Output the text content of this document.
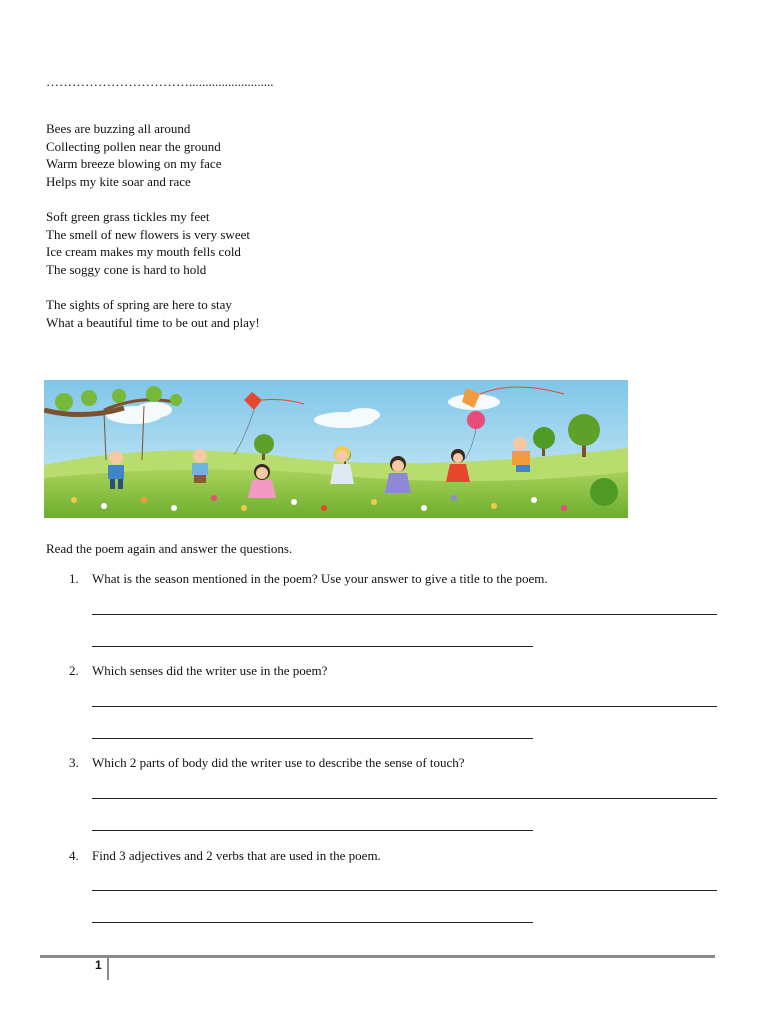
……………………………..........................
Bees are buzzing all around
Collecting pollen near the ground
Warm breeze blowing on my face
Helps my kite soar and race
Soft green grass tickles my feet
The smell of new flowers is very sweet
Ice cream makes my mouth fells cold
The soggy cone is hard to hold
The sights of spring are here to stay
What a beautiful time to be out and play!
Read the poem again and answer the questions.
1. What is the season mentioned in the poem? Use your answer to give a title to the poem.
2. Which senses did the writer use in the poem?
3. Which 2 parts of body did the writer use to describe the sense of touch?
4. Find 3 adjectives and 2 verbs that are used in the poem.
1
